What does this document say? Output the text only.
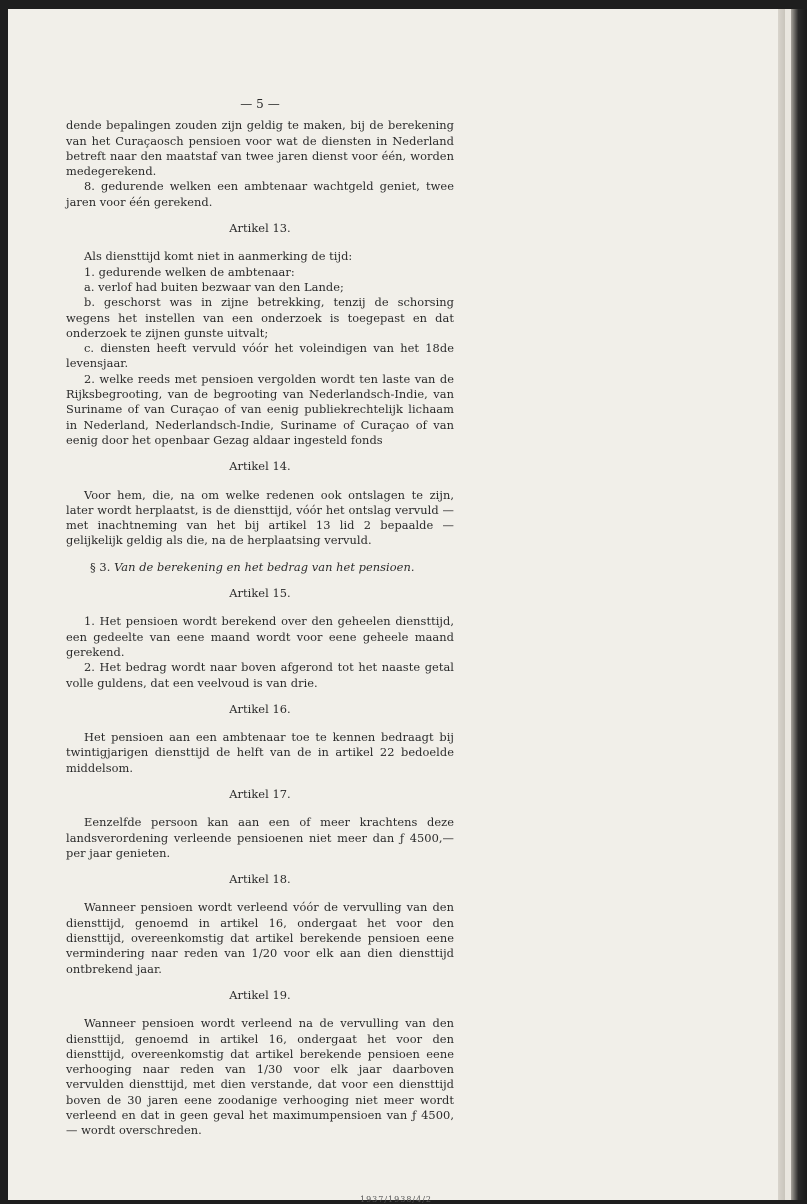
— 5 —

dende bepalingen zouden zijn geldig te maken, bij de berekening van het Curaçaosch pensioen voor wat de diensten in Nederland betreft naar den maatstaf van twee jaren dienst voor één, worden medegerekend.

8. gedurende welken een ambtenaar wachtgeld geniet, twee jaren voor één gerekend.

Artikel 13.

Als diensttijd komt niet in aanmerking de tijd:

1. gedurende welken de ambtenaar:

a. verlof had buiten bezwaar van den Lande;

b. geschorst was in zijne betrekking, tenzij de schorsing wegens het instellen van een onderzoek is toegepast en dat onderzoek te zijnen gunste uitvalt;

c. diensten heeft vervuld vóór het voleindigen van het 18de levensjaar.

2. welke reeds met pensioen vergolden wordt ten laste van de Rijksbegrooting, van de begrooting van Nederlandsch-Indie, van Suriname of van Curaçao of van eenig publiekrechtelijk lichaam in Nederland, Nederlandsch-Indie, Suriname of Curaçao of van eenig door het openbaar Gezag aldaar ingesteld fonds

Artikel 14.

Voor hem, die, na om welke redenen ook ontslagen te zijn, later wordt herplaatst, is de diensttijd, vóór het ontslag vervuld — met inachtneming van het bij artikel 13 lid 2 bepaalde — gelijkelijk geldig als die, na de herplaatsing vervuld.

§ 3. Van de berekening en het bedrag van het pensioen.
Artikel 15.

1. Het pensioen wordt berekend over den geheelen diensttijd, een gedeelte van eene maand wordt voor eene geheele maand gerekend.

2. Het bedrag wordt naar boven afgerond tot het naaste getal volle guldens, dat een veelvoud is van drie.

Artikel 16.

Het pensioen aan een ambtenaar toe te kennen bedraagt bij twintigjarigen diensttijd de helft van de in artikel 22 bedoelde middelsom.

Artikel 17.

Eenzelfde persoon kan aan een of meer krachtens deze landsverordening verleende pensioenen niet meer dan ƒ 4500,— per jaar genieten.

Artikel 18.

Wanneer pensioen wordt verleend vóór de vervulling van den diensttijd, genoemd in artikel 16, ondergaat het voor den diensttijd, overeenkomstig dat artikel berekende pensioen eene vermindering naar reden van 1/20 voor elk aan dien diensttijd ontbrekend jaar.

Artikel 19.

Wanneer pensioen wordt verleend na de vervulling van den diensttijd, genoemd in artikel 16, ondergaat het voor den diensttijd, overeenkomstig dat artikel berekende pensioen eene verhooging naar reden van 1/30 voor elk jaar daarboven vervulden diensttijd, met dien verstande, dat voor een diensttijd boven de 30 jaren eene zoodanige verhooging niet meer wordt verleend en dat in geen geval het maximumpensioen van ƒ 4500,— wordt overschreden.

1937/1938/4/2
